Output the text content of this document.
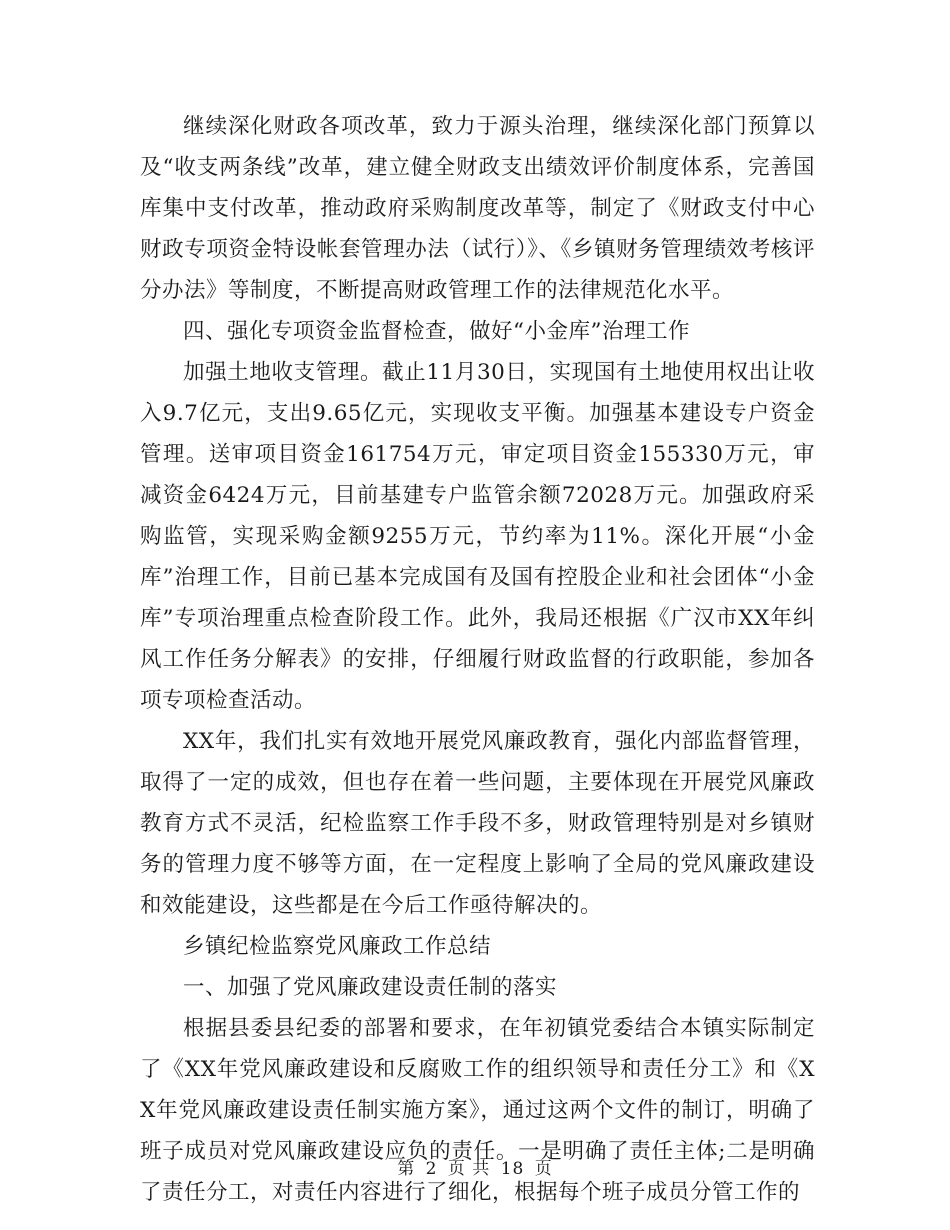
继续深化财政各项改革，致力于源头治理，继续深化部门预算以及“收支两条线”改革，建立健全财政支出绩效评价制度体系，完善国库集中支付改革，推动政府采购制度改革等，制定了《财政支付中心财政专项资金特设帐套管理办法（试行）》、《乡镇财务管理绩效考核评分办法》等制度，不断提高财政管理工作的法律规范化水平。

四、强化专项资金监督检查，做好“小金库”治理工作

加强土地收支管理。截止11月30日，实现国有土地使用权出让收入9.7亿元，支出9.65亿元，实现收支平衡。加强基本建设专户资金管理。送审项目资金161754万元，审定项目资金155330万元，审减资金6424万元，目前基建专户监管余额72028万元。加强政府采购监管，实现采购金额9255万元，节约率为11%。深化开展“小金库”治理工作，目前已基本完成国有及国有控股企业和社会团体“小金库”专项治理重点检查阶段工作。此外，我局还根据《广汉市XX年纠风工作任务分解表》的安排，仔细履行财政监督的行政职能，参加各项专项检查活动。

XX年，我们扎实有效地开展党风廉政教育，强化内部监督管理，取得了一定的成效，但也存在着一些问题，主要体现在开展党风廉政教育方式不灵活，纪检监察工作手段不多，财政管理特别是对乡镇财务的管理力度不够等方面，在一定程度上影响了全局的党风廉政建设和效能建设，这些都是在今后工作亟待解决的。

乡镇纪检监察党风廉政工作总结

一、加强了党风廉政建设责任制的落实

根据县委县纪委的部署和要求，在年初镇党委结合本镇实际制定了《XX年党风廉政建设和反腐败工作的组织领导和责任分工》和《XX年党风廉政建设责任制实施方案》，通过这两个文件的制订，明确了班子成员对党风廉政建设应负的责任。一是明确了责任主体;二是明确了责任分工，对责任内容进行了细化，根据每个班子成员分管工作的

第 2 页 共 18 页
